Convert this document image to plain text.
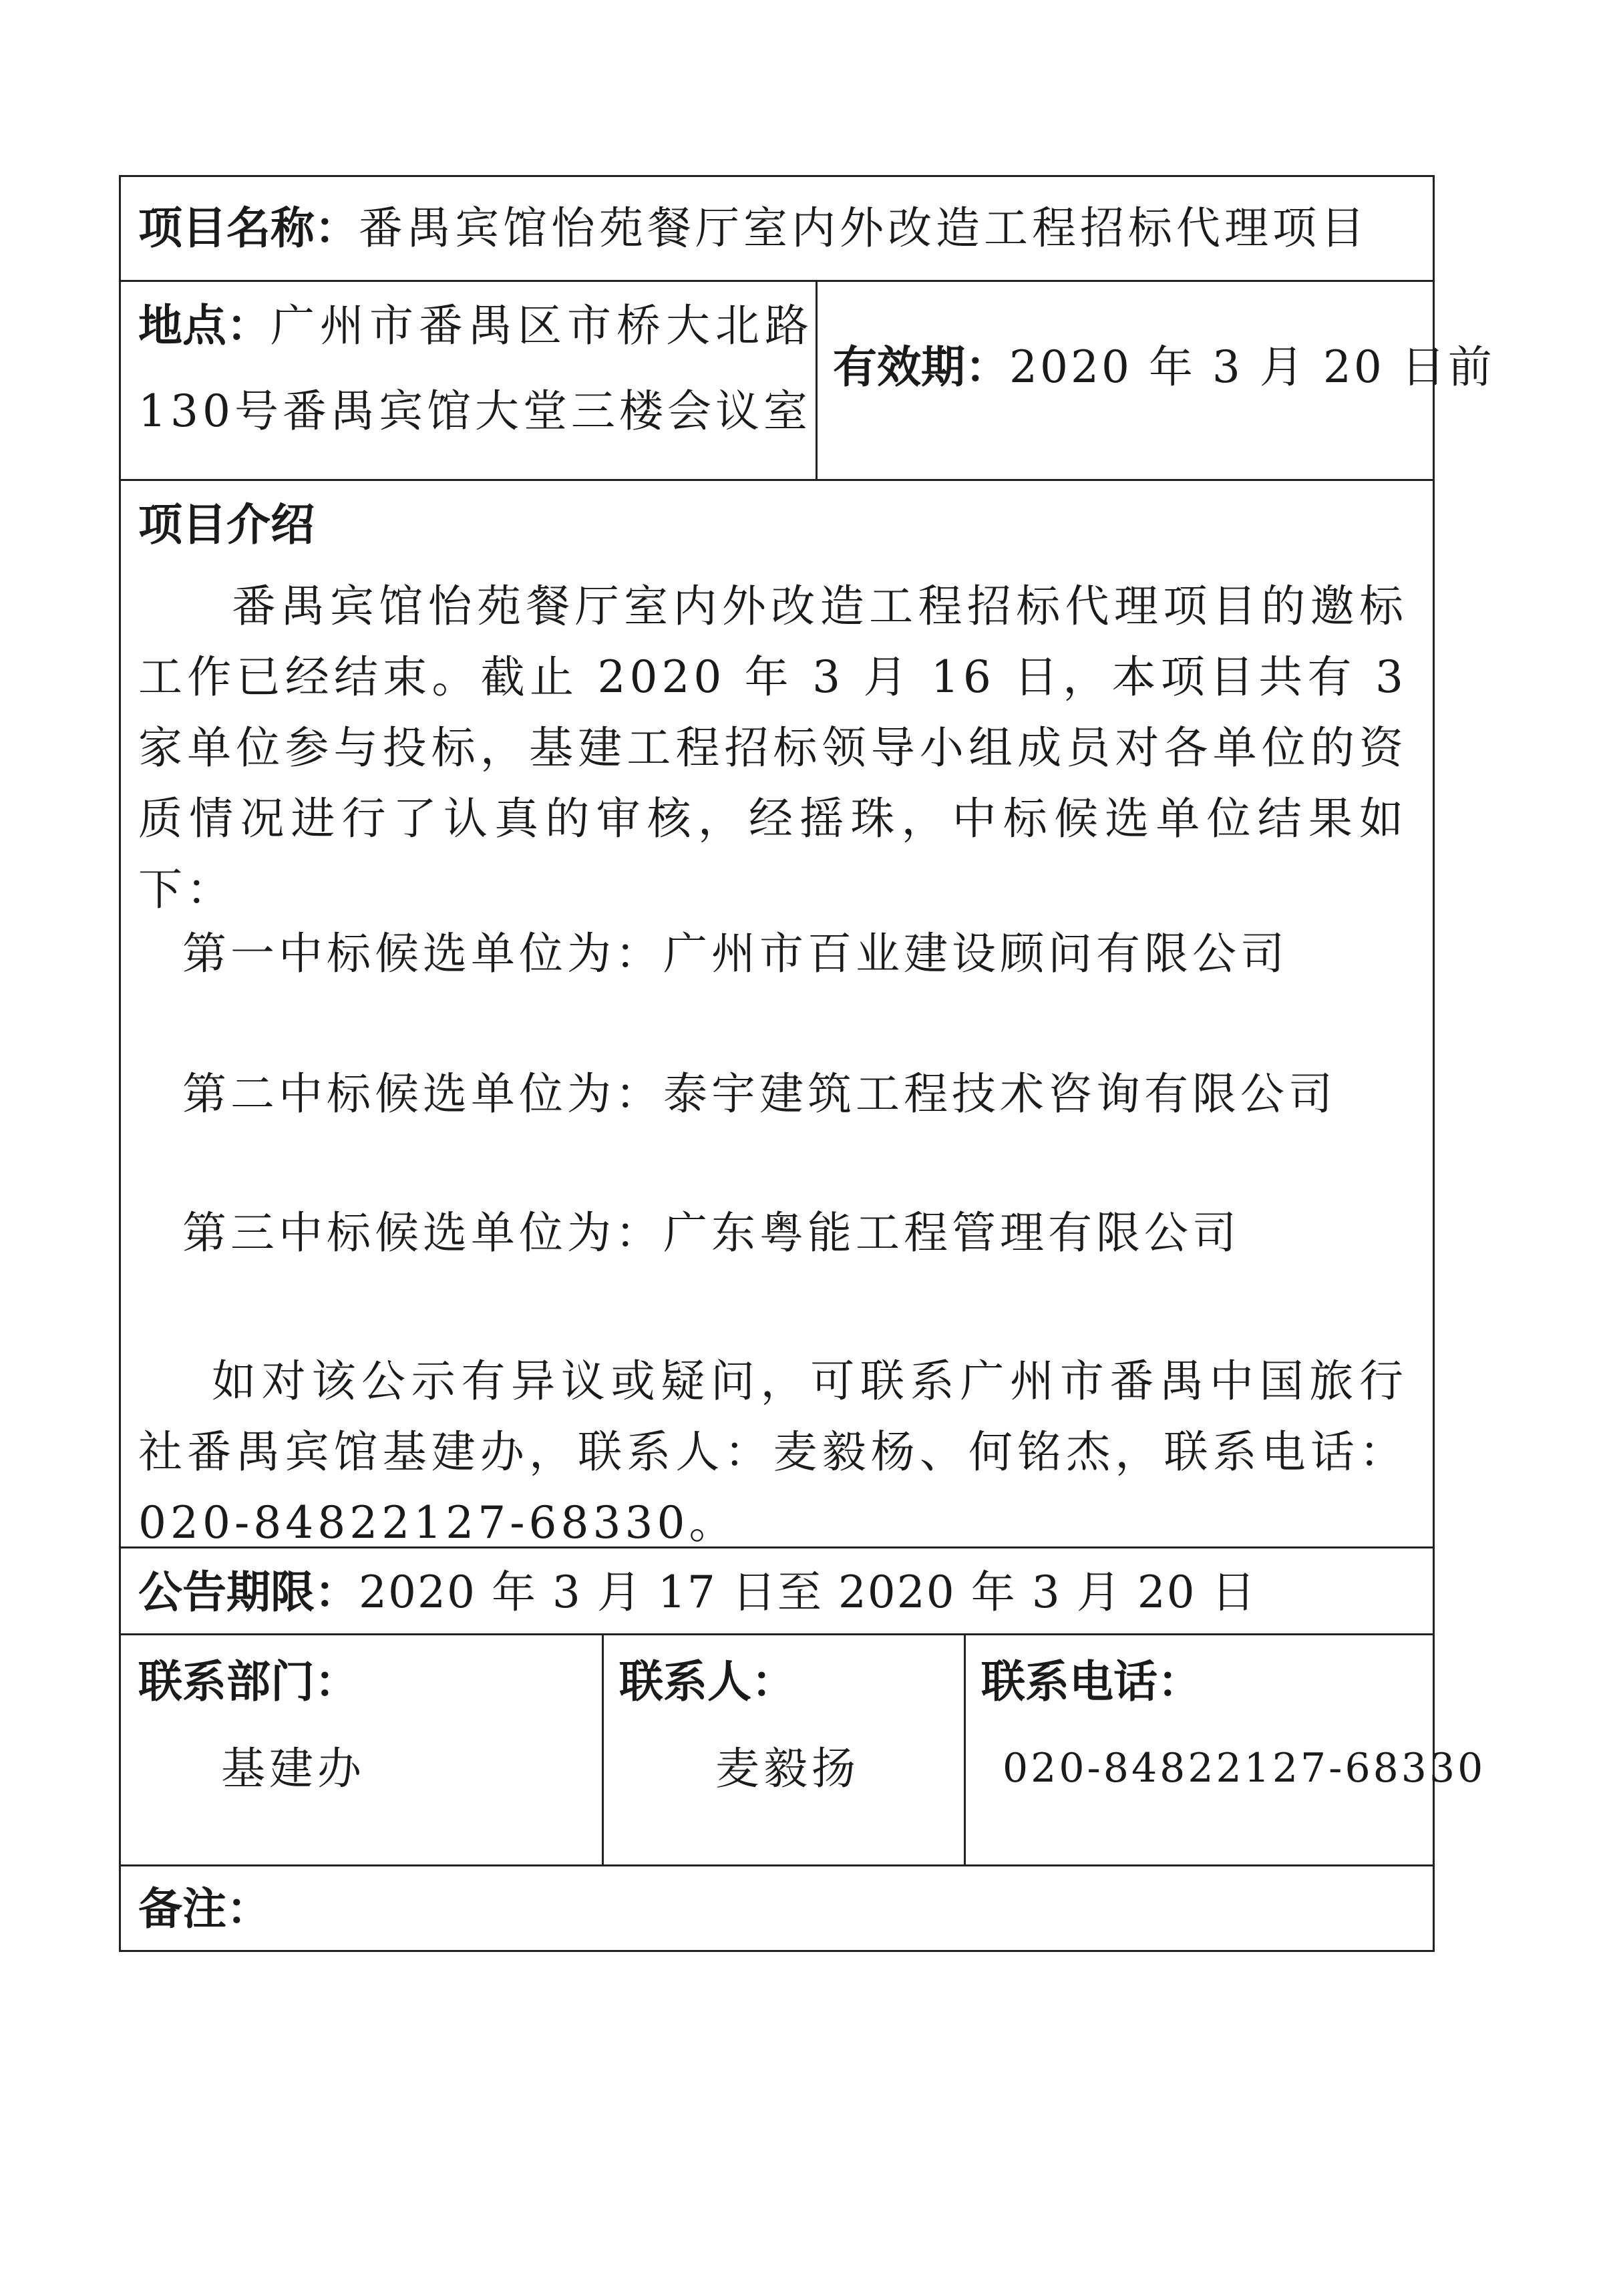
项目名称：番禺宾馆怡苑餐厅室内外改造工程招标代理项目
地点：广州市番禺区市桥大北路
130号番禺宾馆大堂三楼会议室
有效期：2020 年 3 月 20 日前
项目介绍
番禺宾馆怡苑餐厅室内外改造工程招标代理项目的邀标工作已经结束。截止 2020 年 3 月 16 日，本项目共有 3 家单位参与投标，基建工程招标领导小组成员对各单位的资质情况进行了认真的审核，经摇珠，中标候选单位结果如下：
第一中标候选单位为：广州市百业建设顾问有限公司
第二中标候选单位为：泰宇建筑工程技术咨询有限公司
第三中标候选单位为：广东粤能工程管理有限公司
如对该公示有异议或疑问，可联系广州市番禺中国旅行社番禺宾馆基建办，联系人：麦毅杨、何铭杰，联系电话：020-84822127-68330。
公告期限：2020 年 3 月 17 日至 2020 年 3 月 20 日
联系部门：
基建办
联系人：
麦毅扬
联系电话：
020-84822127-68330
备注：
